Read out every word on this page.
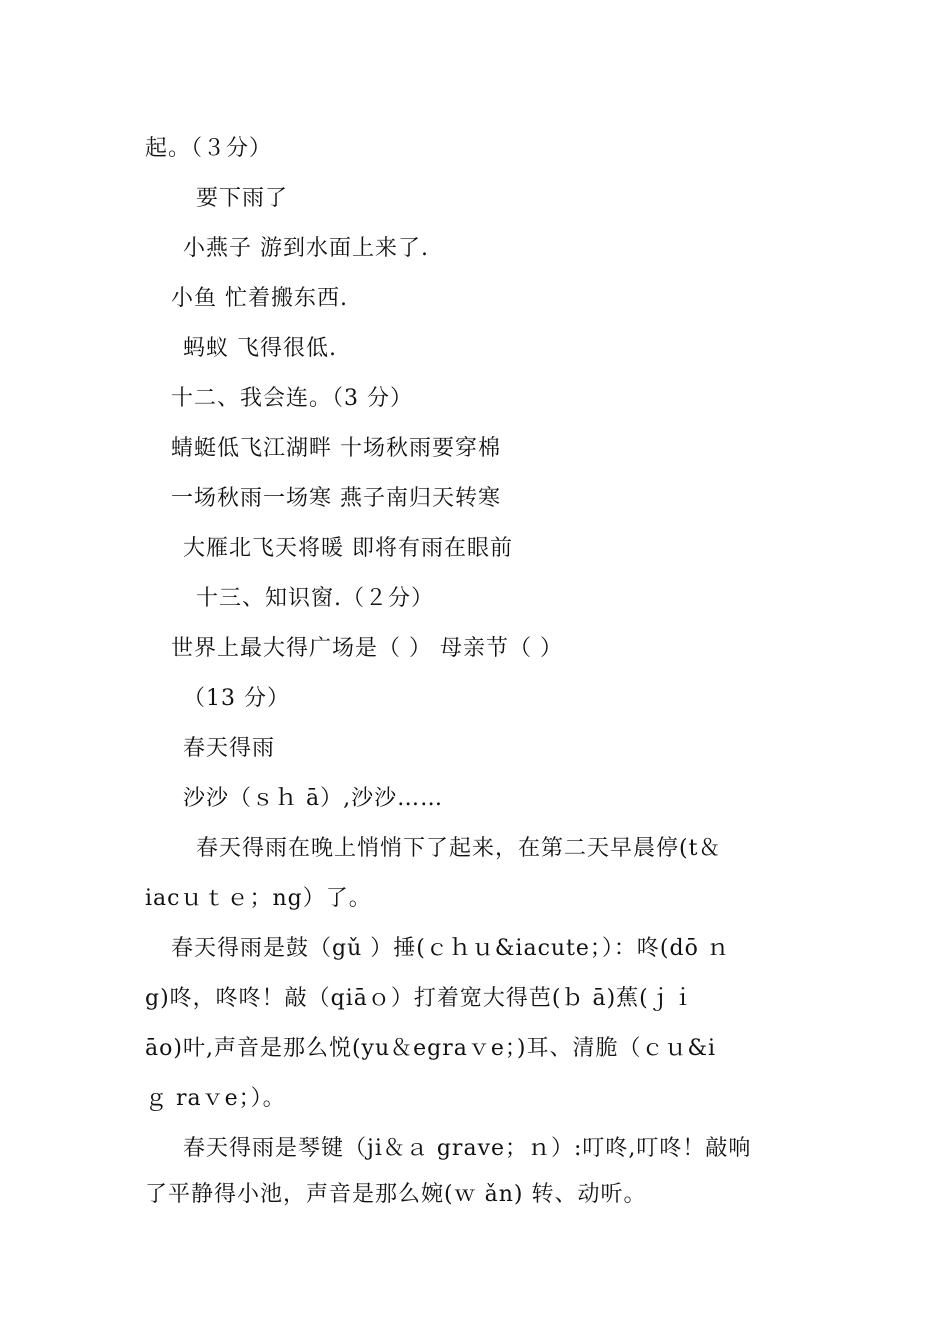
起。（３分）
要下雨了
小燕子 游到水面上来了.
小鱼 忙着搬东西.
蚂蚁 飞得很低.
十二、我会连。（3 分）
蜻蜓低飞江湖畔 十场秋雨要穿棉
一场秋雨一场寒 燕子南归天转寒
大雁北飞天将暖 即将有雨在眼前
十三、知识窗.（２分）
世界上最大得广场是（ ） 母亲节（ ）
（13 分）
春天得雨
沙沙（ｓｈ ā）,沙沙……
春天得雨在晚上悄悄下了起来，在第二天早晨停(t＆
iacｕｔｅ；ng）了。
春天得雨是鼓（gǔ ）捶(ｃｈｕ&iacute；）：咚(dō ｎ
g)咚，咚咚！敲（qiāｏ）打着宽大得芭(ｂ ā)蕉(ｊｉ
āo)叶,声音是那么悦(yu＆egraｖe；)耳、清脆（ｃｕ&i
ｇ raｖe；）。
春天得雨是琴键（ji＆ａ grave；ｎ）:叮咚,叮咚！敲响
了平静得小池，声音是那么婉(ｗ ǎn) 转、动听。
